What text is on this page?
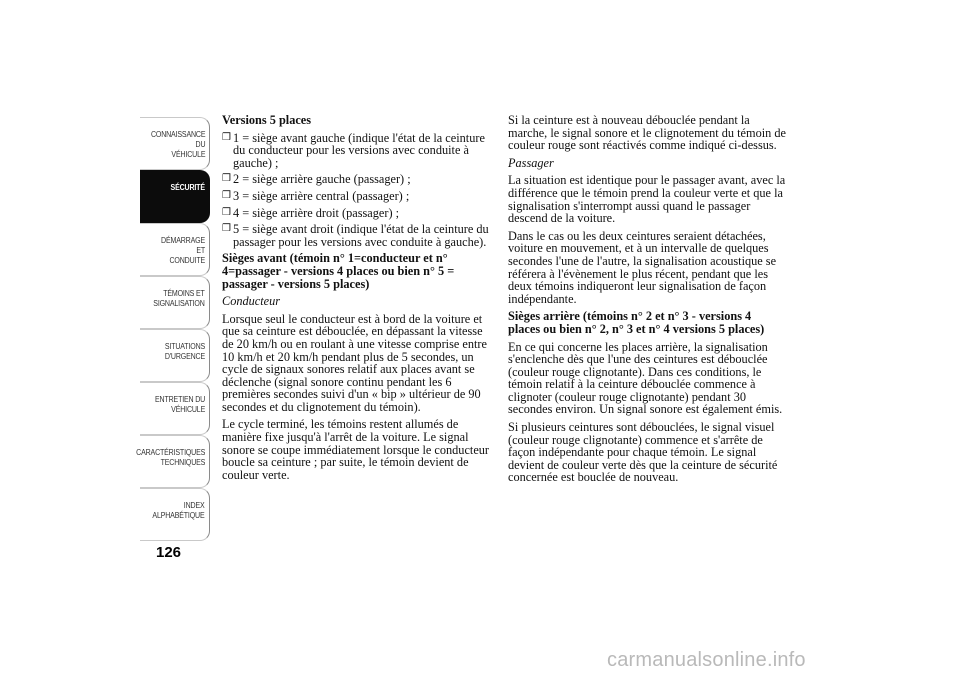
CONNAISSANCE DU
VÉHICULE
SÉCURITÉ
DÉMARRAGE ET
CONDUITE
TÉMOINS ET
SIGNALISATION
SITUATIONS
D'URGENCE
ENTRETIEN DU
VÉHICULE
CARACTÉRISTIQUES
TECHNIQUES
INDEX
ALPHABÉTIQUE
126

Versions 5 places

❒ 1 = siège avant gauche (indique l'état de la ceinture du conducteur pour les versions avec conduite à gauche) ;
❒ 2 = siège arrière gauche (passager) ;
❒ 3 = siège arrière central (passager) ;
❒ 4 = siège arrière droit (passager) ;
❒ 5 = siège avant droit (indique l'état de la ceinture du passager pour les versions avec conduite à gauche).

Sièges avant (témoin n° 1=conducteur et n° 4=passager - versions 4 places ou bien n° 5 = passager - versions 5 places)

Conducteur

Lorsque seul le conducteur est à bord de la voiture et que sa ceinture est débouclée, en dépassant la vitesse de 20 km/h ou en roulant à une vitesse comprise entre 10 km/h et 20 km/h pendant plus de 5 secondes, un cycle de signaux sonores relatif aux places avant se déclenche (signal sonore continu pendant les 6 premières secondes suivi d'un « bip » ultérieur de 90 secondes et du clignotement du témoin).

Le cycle terminé, les témoins restent allumés de manière fixe jusqu'à l'arrêt de la voiture. Le signal sonore se coupe immédiatement lorsque le conducteur boucle sa ceinture ; par suite, le témoin devient de couleur verte.

Si la ceinture est à nouveau débouclée pendant la marche, le signal sonore et le clignotement du témoin de couleur rouge sont réactivés comme indiqué ci-dessus.

Passager

La situation est identique pour le passager avant, avec la différence que le témoin prend la couleur verte et que la signalisation s'interrompt aussi quand le passager descend de la voiture.

Dans le cas ou les deux ceintures seraient détachées, voiture en mouvement, et à un intervalle de quelques secondes l'une de l'autre, la signalisation acoustique se référera à l'évènement le plus récent, pendant que les deux témoins indiqueront leur signalisation de façon indépendante.

Sièges arrière (témoins n° 2 et n° 3 - versions 4 places ou bien n° 2, n° 3 et n° 4 versions 5 places)

En ce qui concerne les places arrière, la signalisation s'enclenche dès que l'une des ceintures est débouclée (couleur rouge clignotante). Dans ces conditions, le témoin relatif à la ceinture débouclée commence à clignoter (couleur rouge clignotante) pendant 30 secondes environ. Un signal sonore est également émis.

Si plusieurs ceintures sont débouclées, le signal visuel (couleur rouge clignotante) commence et s'arrête de façon indépendante pour chaque témoin. Le signal devient de couleur verte dès que la ceinture de sécurité concernée est bouclée de nouveau.

carmanualsonline.info
